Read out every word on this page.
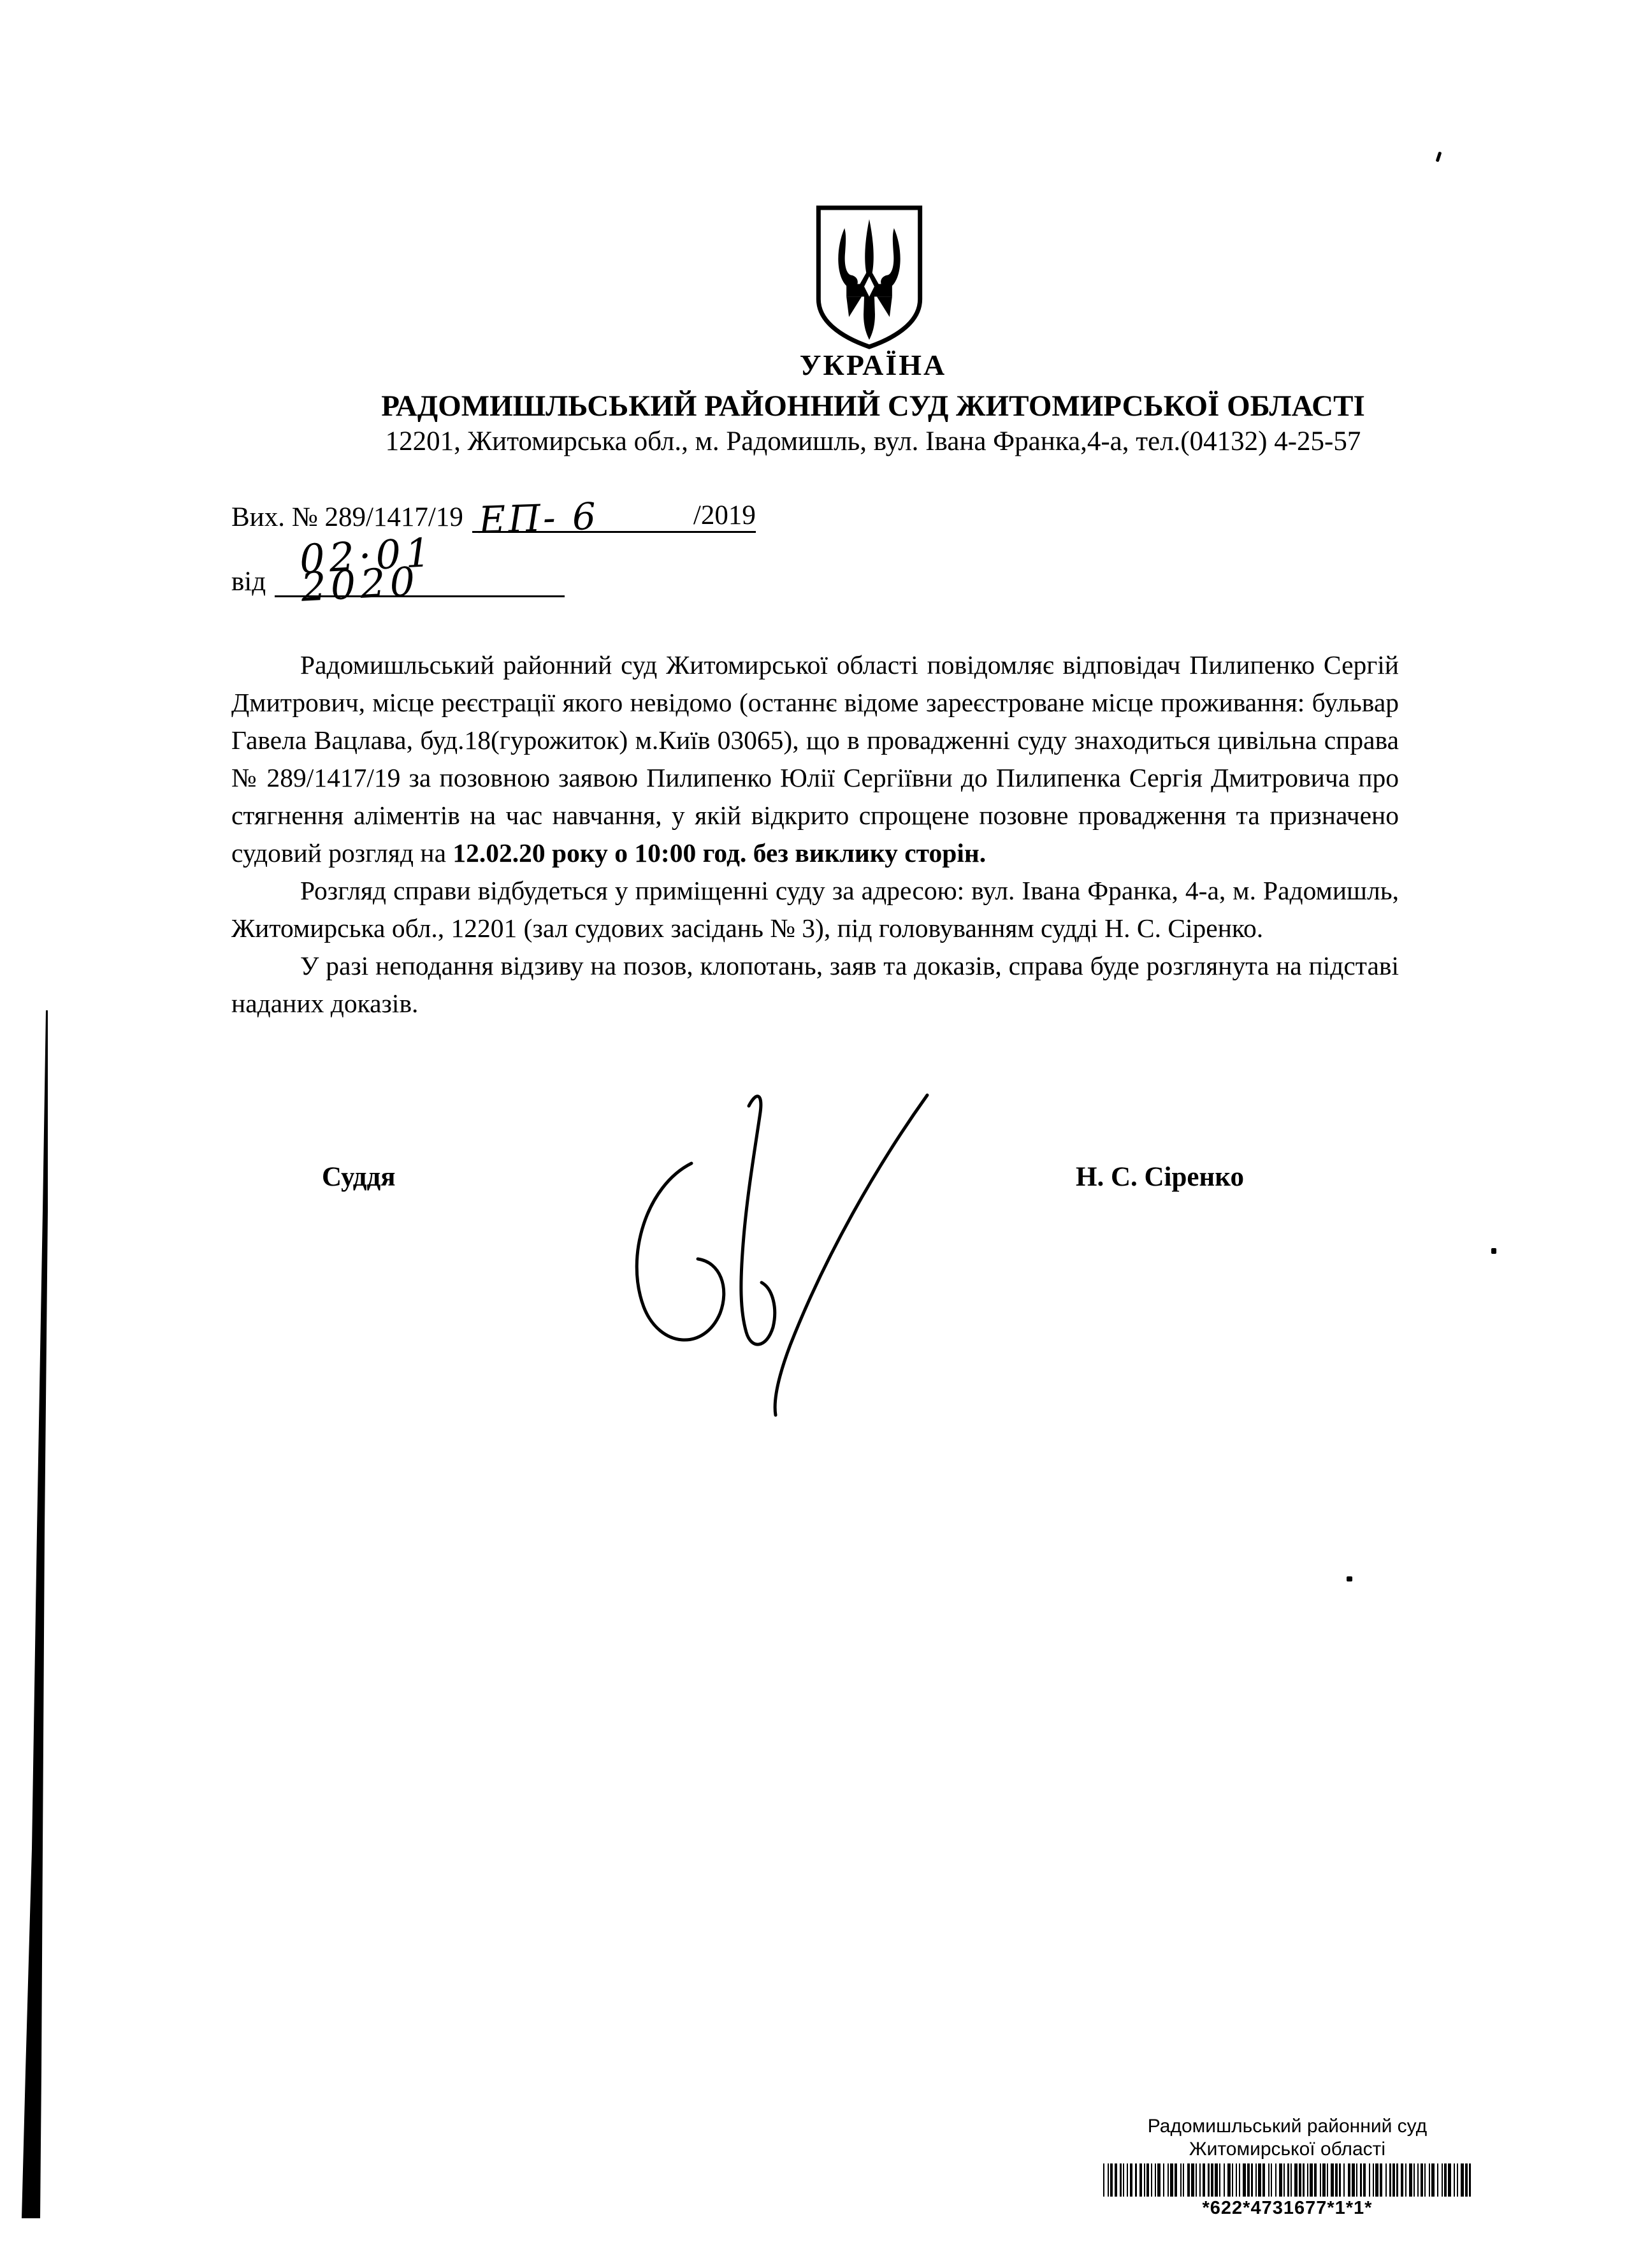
УКРАЇНА
РАДОМИШЛЬСЬКИЙ РАЙОННИЙ СУД ЖИТОМИРСЬКОЇ ОБЛАСТІ
12201, Житомирська обл., м. Радомишль, вул. Івана Франка,4-а, тел.(04132) 4-25-57
Вих. № 289/1417/19 ЕП- 6	/2019
від 02·01 2020

Радомишльський районний суд Житомирської області повідомляє відповідач Пилипенко Сергій Дмитрович, місце реєстрації якого невідомо (останнє відоме зареєстроване місце проживання: бульвар Гавела Вацлава, буд.18(гурожиток) м.Київ 03065), що в провадженні суду знаходиться цивільна справа № 289/1417/19 за позовною заявою Пилипенко Юлії Сергіївни до Пилипенка Сергія Дмитровича про стягнення аліментів на час навчання, у якій відкрито спрощене позовне провадження та призначено судовий розгляд на 12.02.20 року о 10:00 год. без виклику сторін.

Розгляд справи відбудеться у приміщенні суду за адресою: вул. Івана Франка, 4-а, м. Радомишль, Житомирська обл., 12201 (зал судових засідань № 3), під головуванням судді Н. С. Сіренко.

У разі неподання відзиву на позов, клопотань, заяв та доказів, справа буде розглянута на підставі наданих доказів.

Суддя	Н. С. Сіренко
Радомишльський районний суд
Житомирської області
*622*4731677*1*1*
